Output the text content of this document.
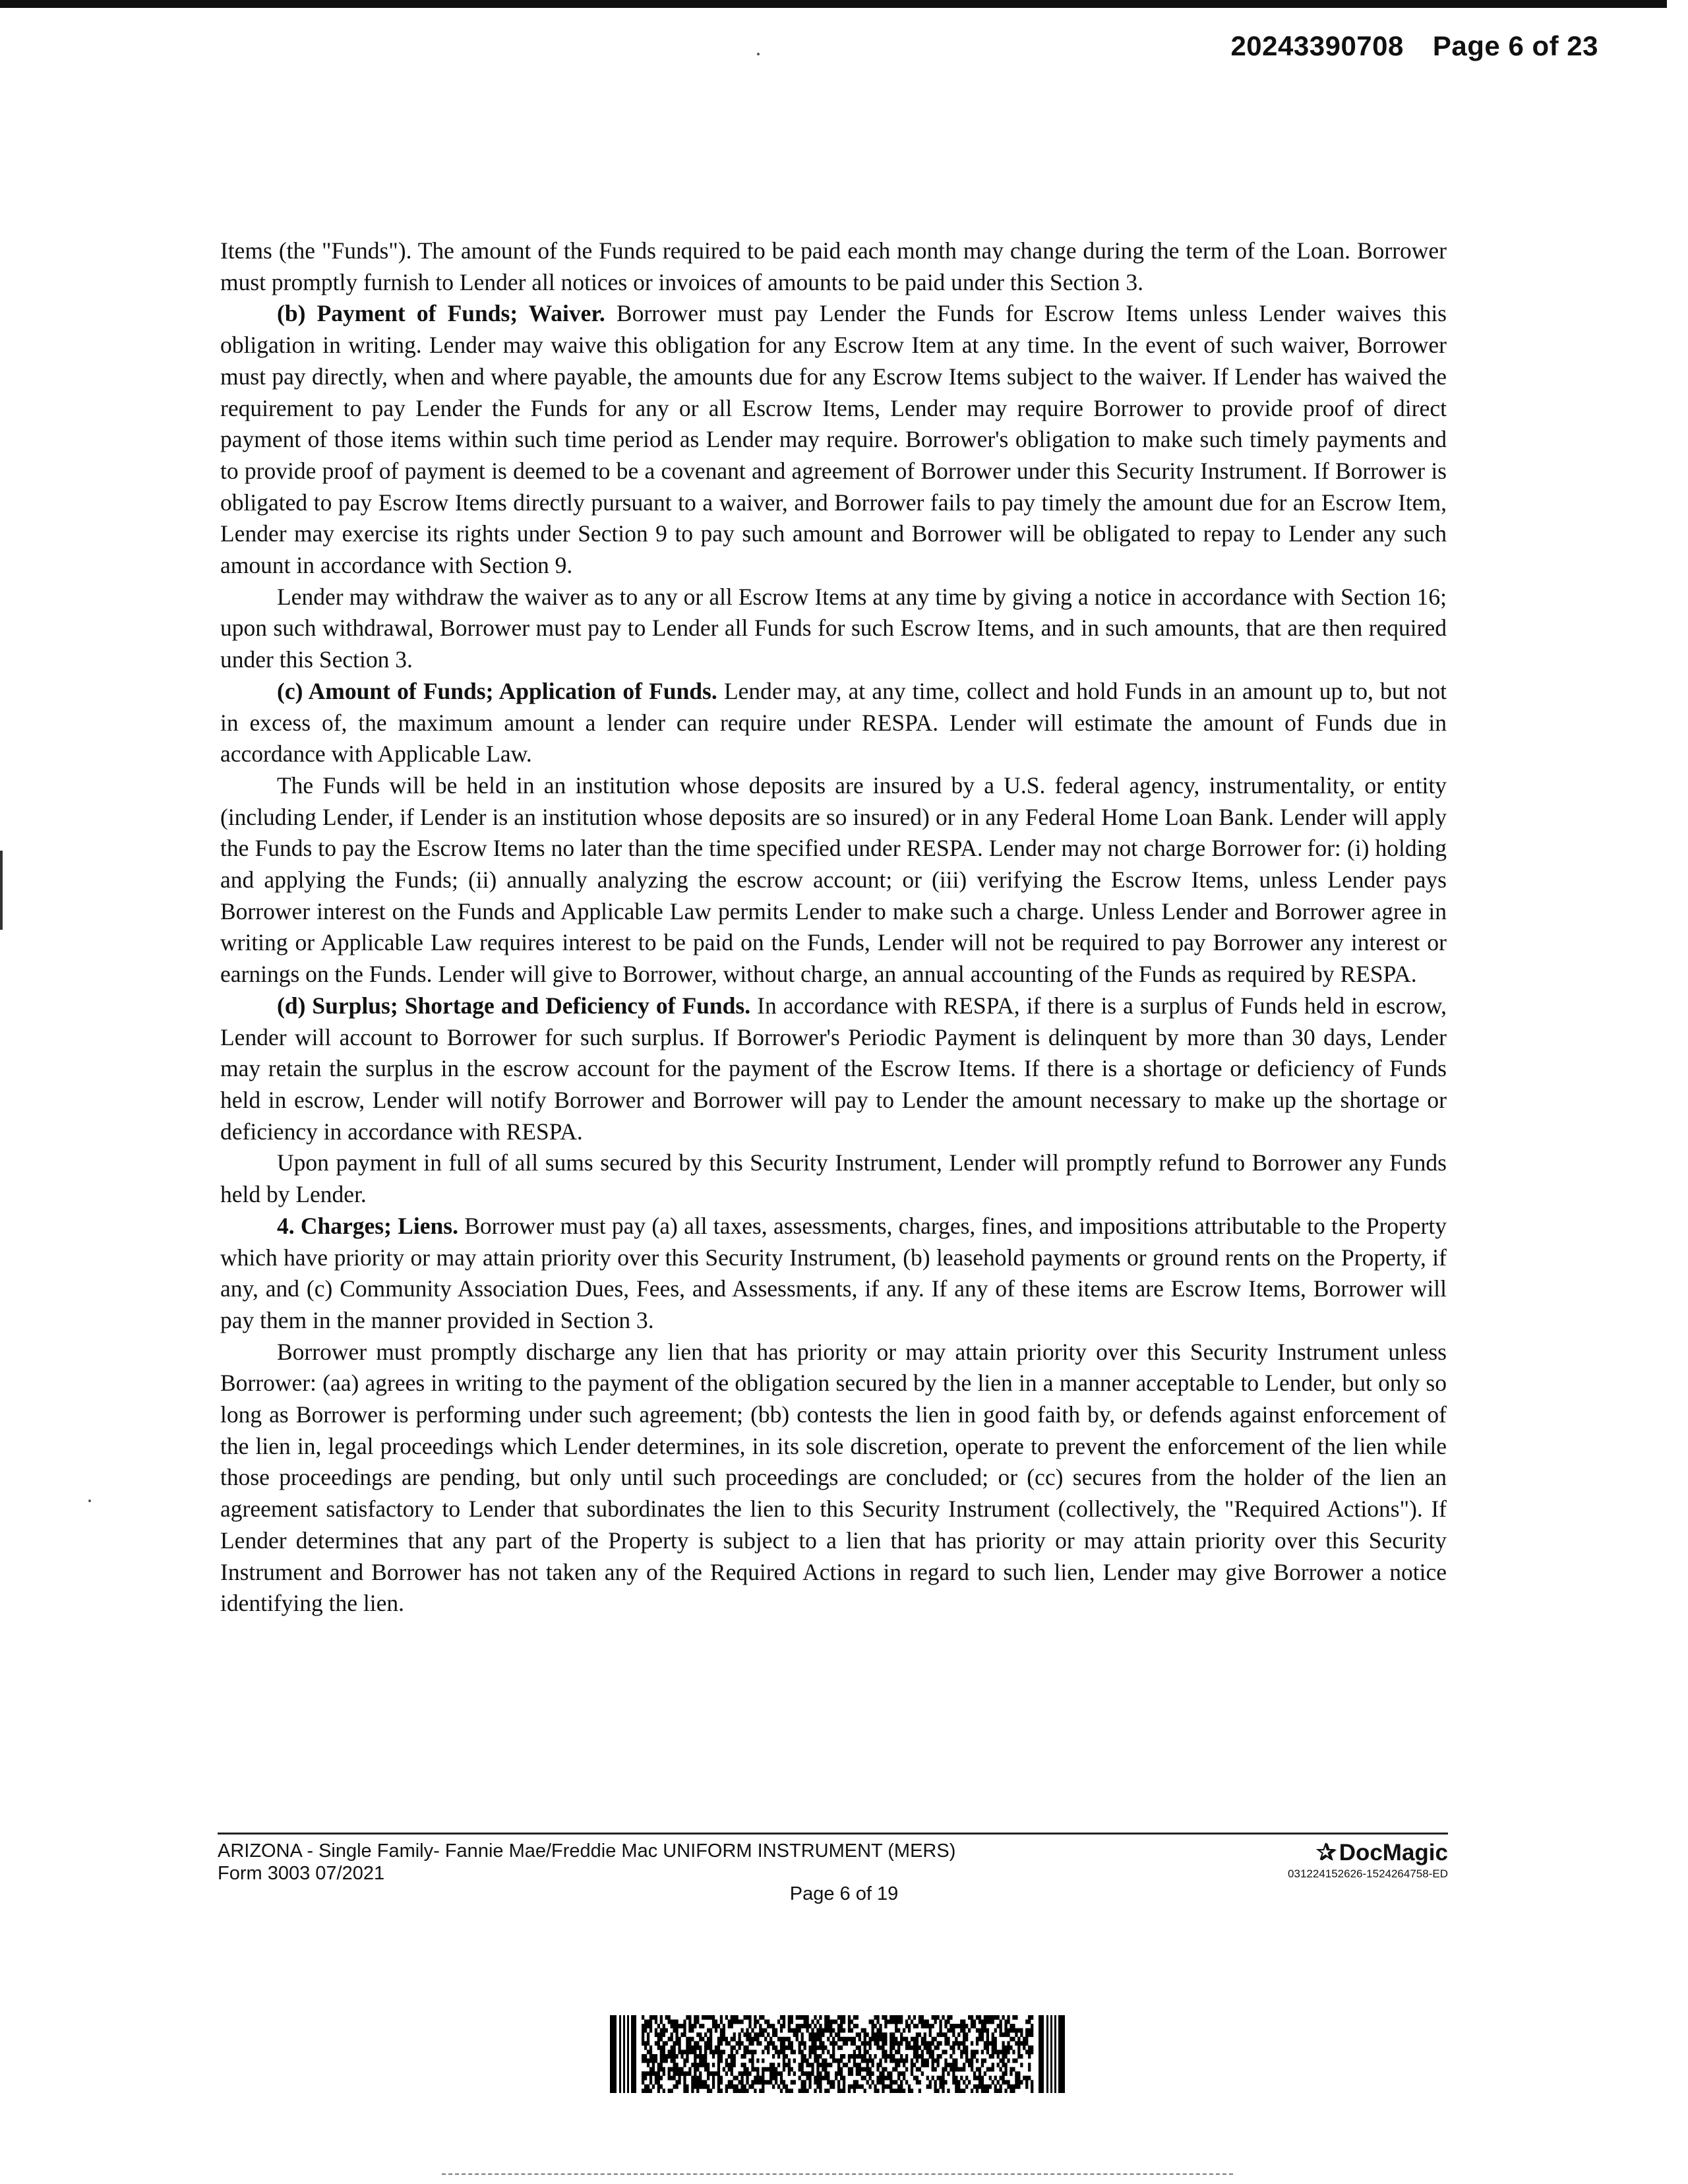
20243390708 Page 6 of 23

Items (the "Funds"). The amount of the Funds required to be paid each month may change during the term of the Loan. Borrower must promptly furnish to Lender all notices or invoices of amounts to be paid under this Section 3.

(b) Payment of Funds; Waiver. Borrower must pay Lender the Funds for Escrow Items unless Lender waives this obligation in writing. Lender may waive this obligation for any Escrow Item at any time. In the event of such waiver, Borrower must pay directly, when and where payable, the amounts due for any Escrow Items subject to the waiver. If Lender has waived the requirement to pay Lender the Funds for any or all Escrow Items, Lender may require Borrower to provide proof of direct payment of those items within such time period as Lender may require. Borrower's obligation to make such timely payments and to provide proof of payment is deemed to be a covenant and agreement of Borrower under this Security Instrument. If Borrower is obligated to pay Escrow Items directly pursuant to a waiver, and Borrower fails to pay timely the amount due for an Escrow Item, Lender may exercise its rights under Section 9 to pay such amount and Borrower will be obligated to repay to Lender any such amount in accordance with Section 9.

Lender may withdraw the waiver as to any or all Escrow Items at any time by giving a notice in accordance with Section 16; upon such withdrawal, Borrower must pay to Lender all Funds for such Escrow Items, and in such amounts, that are then required under this Section 3.

(c) Amount of Funds; Application of Funds. Lender may, at any time, collect and hold Funds in an amount up to, but not in excess of, the maximum amount a lender can require under RESPA. Lender will estimate the amount of Funds due in accordance with Applicable Law.

The Funds will be held in an institution whose deposits are insured by a U.S. federal agency, instrumentality, or entity (including Lender, if Lender is an institution whose deposits are so insured) or in any Federal Home Loan Bank. Lender will apply the Funds to pay the Escrow Items no later than the time specified under RESPA. Lender may not charge Borrower for: (i) holding and applying the Funds; (ii) annually analyzing the escrow account; or (iii) verifying the Escrow Items, unless Lender pays Borrower interest on the Funds and Applicable Law permits Lender to make such a charge. Unless Lender and Borrower agree in writing or Applicable Law requires interest to be paid on the Funds, Lender will not be required to pay Borrower any interest or earnings on the Funds. Lender will give to Borrower, without charge, an annual accounting of the Funds as required by RESPA.

(d) Surplus; Shortage and Deficiency of Funds. In accordance with RESPA, if there is a surplus of Funds held in escrow, Lender will account to Borrower for such surplus. If Borrower's Periodic Payment is delinquent by more than 30 days, Lender may retain the surplus in the escrow account for the payment of the Escrow Items. If there is a shortage or deficiency of Funds held in escrow, Lender will notify Borrower and Borrower will pay to Lender the amount necessary to make up the shortage or deficiency in accordance with RESPA.

Upon payment in full of all sums secured by this Security Instrument, Lender will promptly refund to Borrower any Funds held by Lender.

4. Charges; Liens. Borrower must pay (a) all taxes, assessments, charges, fines, and impositions attributable to the Property which have priority or may attain priority over this Security Instrument, (b) leasehold payments or ground rents on the Property, if any, and (c) Community Association Dues, Fees, and Assessments, if any. If any of these items are Escrow Items, Borrower will pay them in the manner provided in Section 3.

Borrower must promptly discharge any lien that has priority or may attain priority over this Security Instrument unless Borrower: (aa) agrees in writing to the payment of the obligation secured by the lien in a manner acceptable to Lender, but only so long as Borrower is performing under such agreement; (bb) contests the lien in good faith by, or defends against enforcement of the lien in, legal proceedings which Lender determines, in its sole discretion, operate to prevent the enforcement of the lien while those proceedings are pending, but only until such proceedings are concluded; or (cc) secures from the holder of the lien an agreement satisfactory to Lender that subordinates the lien to this Security Instrument (collectively, the "Required Actions"). If Lender determines that any part of the Property is subject to a lien that has priority or may attain priority over this Security Instrument and Borrower has not taken any of the Required Actions in regard to such lien, Lender may give Borrower a notice identifying the lien.

ARIZONA - Single Family- Fannie Mae/Freddie Mac UNIFORM INSTRUMENT (MERS)
Form 3003 07/2021
Page 6 of 19
✰ DocMagic
031224152626-1524264758-ED
